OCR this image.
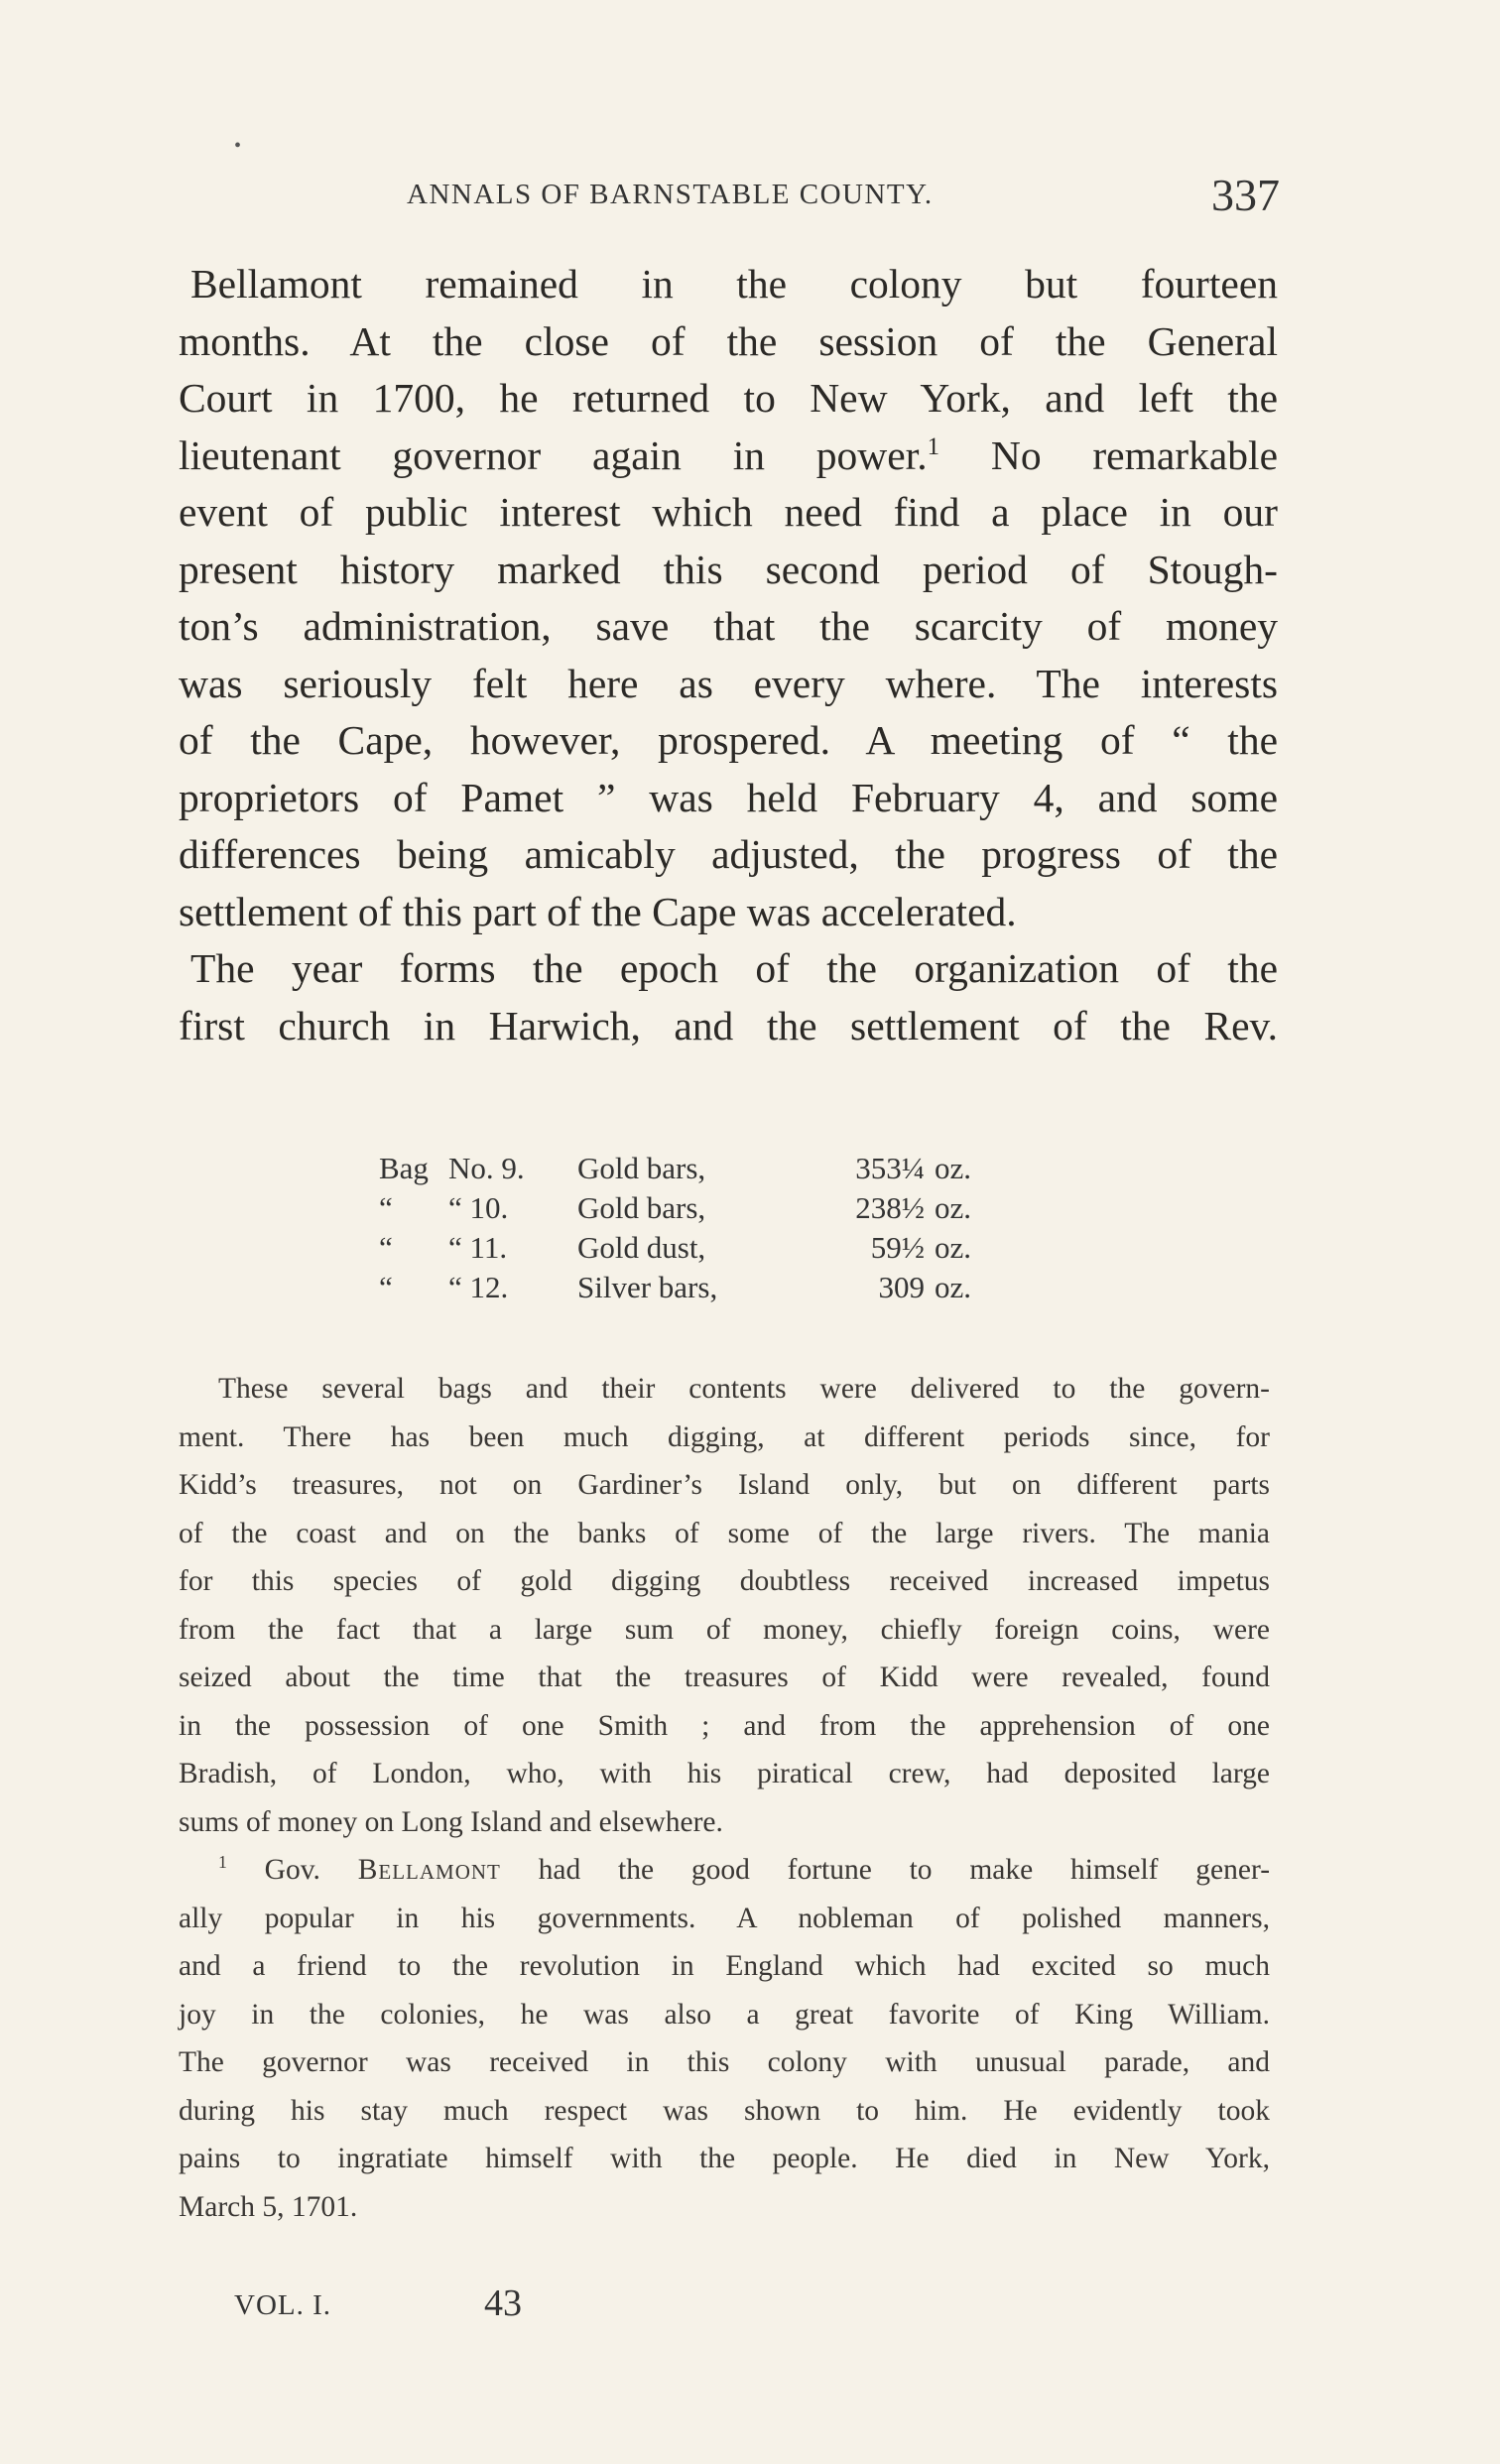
•
ANNALS OF BARNSTABLE COUNTY.	337
Bellamont remained in the colony but fourteen
months. At the close of the session of the General
Court in 1700, he returned to New York, and left the
lieutenant governor again in power.$^1$ No remarkable
event of public interest which need find a place in our
present history marked this second period of Stough-
ton’s administration, save that the scarcity of money
was seriously felt here as every where. The interests
of the Cape, however, prospered. A meeting of “ the
proprietors of Pamet ” was held February 4, and some
differences being amicably adjusted, the progress of the
settlement of this part of the Cape was accelerated.
The year forms the epoch of the organization of the
first church in Harwich, and the settlement of the Rev.
Bag	No. 9.	Gold bars,	353¼	oz.
“	“ 10.	Gold bars,	238½	oz.
“	“ 11.	Gold dust,	59½	oz.
“	“ 12.	Silver bars,	309	oz.
These several bags and their contents were delivered to the govern-
ment. There has been much digging, at different periods since, for
Kidd’s treasures, not on Gardiner’s Island only, but on different parts
of the coast and on the banks of some of the large rivers. The mania
for this species of gold digging doubtless received increased impetus
from the fact that a large sum of money, chiefly foreign coins, were
seized about the time that the treasures of Kidd were revealed, found
in the possession of one Smith ; and from the apprehension of one
Bradish, of London, who, with his piratical crew, had deposited large
sums of money on Long Island and elsewhere.
$^1$ Gov. Bellamont had the good fortune to make himself gener-
ally popular in his governments. A nobleman of polished manners,
and a friend to the revolution in England which had excited so much
joy in the colonies, he was also a great favorite of King William.
The governor was received in this colony with unusual parade, and
during his stay much respect was shown to him. He evidently took
pains to ingratiate himself with the people. He died in New York,
March 5, 1701.
VOL. I.	43
